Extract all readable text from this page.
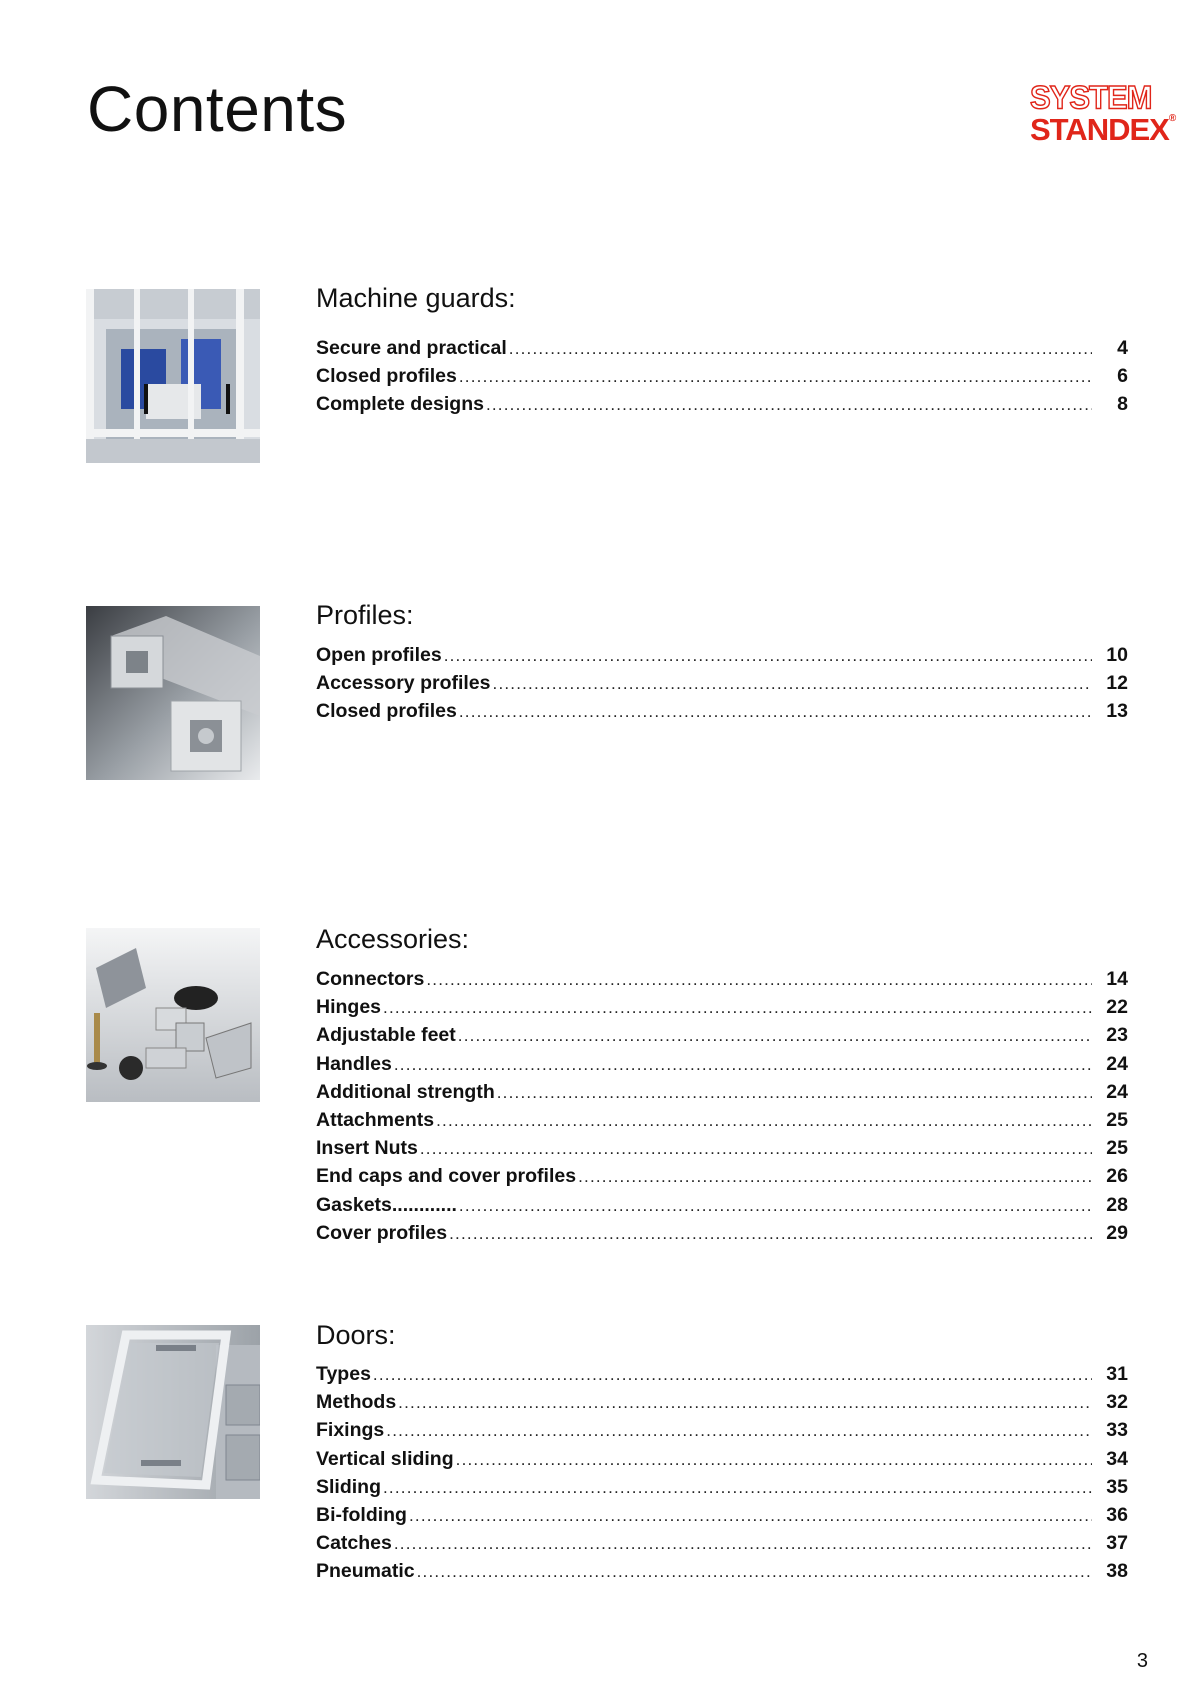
Contents	SYSTEM
STANDEX®
Machine guards:
Secure and practical .....	4
Closed profiles .....	6
Complete designs .....	8
Profiles:
Open profiles .....	10
Accessory profiles .....	12
Closed profiles .....	13
Accessories:
Connectors .....	14
Hinges .....	22
Adjustable feet .....	23
Handles .....	24
Additional strength .....	24
Attachments .....	25
Insert Nuts .....	25
End caps and cover profiles .....	26
Gaskets............ .....	28
Cover profiles .....	29
Doors:
Types .....	31
Methods .....	32
Fixings .....	33
Vertical sliding .....	34
Sliding .....	35
Bi-folding .....	36
Catches .....	37
Pneumatic .....	38
3
